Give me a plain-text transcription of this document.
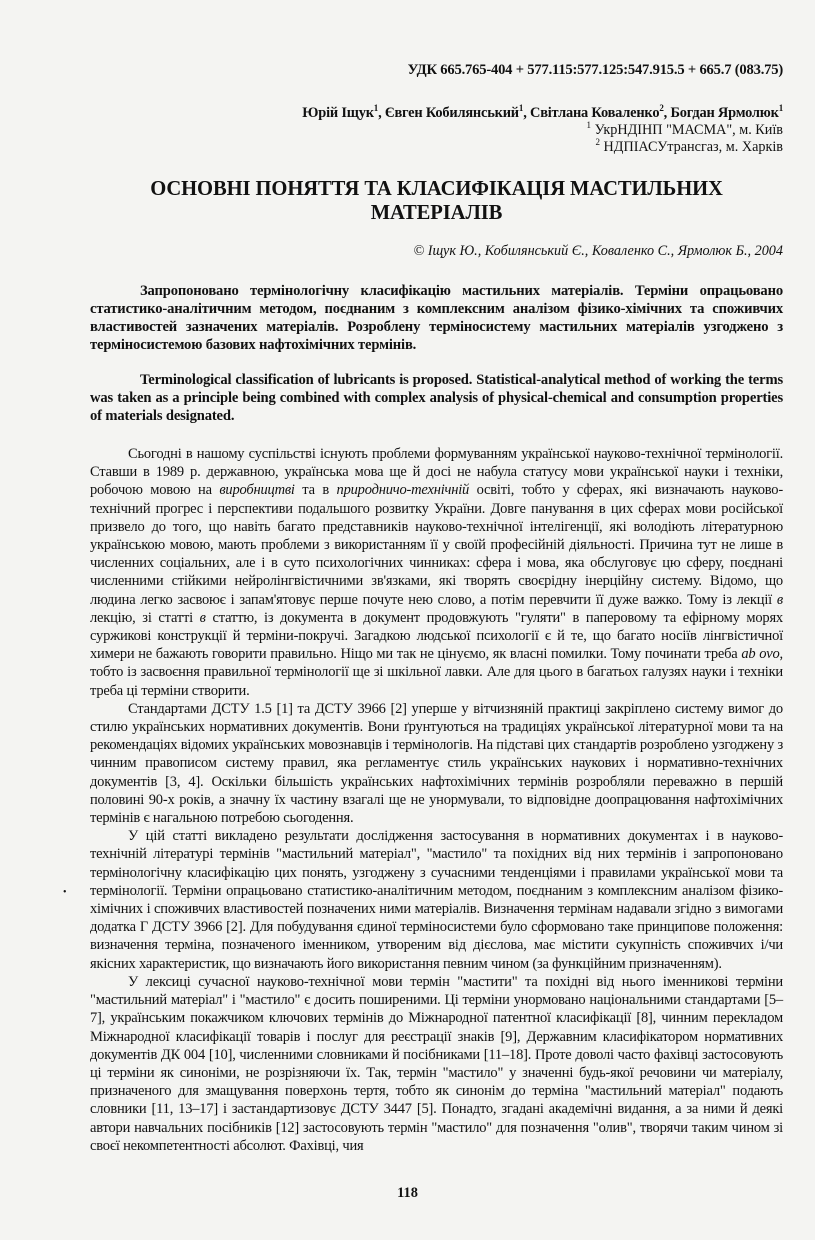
УДК 665.765-404 + 577.115:577.125:547.915.5 + 665.7 (083.75)
Юрій Іщук$^1$, Євген Кобилянський$^1$, Світлана Коваленко$^2$, Богдан Ярмолюк$^1$
$^1$ УкрНДІНП "МАСМА", м. Київ
$^2$ НДПІАСУтрансгаз, м. Харків
ОСНОВНІ ПОНЯТТЯ ТА КЛАСИФІКАЦІЯ МАСТИЛЬНИХ МАТЕРІАЛІВ
© Іщук Ю., Кобилянський Є., Коваленко С., Ярмолюк Б., 2004

Запропоновано термінологічну класифікацію мастильних матеріалів. Терміни опрацьовано статистико-аналітичним методом, поєднаним з комплексним аналізом фізико-хімічних та споживчих властивостей зазначених матеріалів. Розроблену терміносистему мастильних матеріалів узгоджено з терміносистемою базових нафтохімічних термінів.

Terminological classification of lubricants is proposed. Statistical-analytical method of working the terms was taken as a principle being combined with complex analysis of physical-chemical and consumption properties of materials designated.

Сьогодні в нашому суспільстві існують проблеми формуванням української науково-технічної термінології. Ставши в 1989 р. державною, українська мова ще й досі не набула статусу мови української науки і техніки, робочою мовою на виробництві та в природничо-технічній освіті, тобто у сферах, які визначають науково-технічний прогрес і перспективи подальшого розвитку України. Довге панування в цих сферах мови російської призвело до того, що навіть багато представників науково-технічної інтелігенції, які володіють літературною українською мовою, мають проблеми з використанням її у своїй професійній діяльності. Причина тут не лише в численних соціальних, але і в суто психологічних чинниках: сфера і мова, яка обслуговує цю сферу, поєднані численними стійкими нейролінгвістичними зв'язками, які творять своєрідну інерційну систему. Відомо, що людина легко засвоює і запам'ятовує перше почуте нею слово, а потім перевчити її дуже важко. Тому із лекції в лекцію, зі статті в статтю, із документа в документ продовжують "гуляти" в паперовому та ефірному морях суржикові конструкції й терміни-покручі. Загадкою людської психології є й те, що багато носіїв лінгвістичної химери не бажають говорити правильно. Ніщо ми так не цінуємо, як власні помилки. Тому починати треба ab ovo, тобто із засвоєння правильної термінології ще зі шкільної лавки. Але для цього в багатьох галузях науки і техніки треба ці терміни створити.

Стандартами ДСТУ 1.5 [1] та ДСТУ 3966 [2] уперше у вітчизняній практиці закріплено систему вимог до стилю українських нормативних документів. Вони ґрунтуються на традиціях української літературної мови та на рекомендаціях відомих українських мовознавців і термінологів. На підставі цих стандартів розроблено узгоджену з чинним правописом систему правил, яка регламентує стиль українських наукових і нормативно-технічних документів [3, 4]. Оскільки більшість українських нафтохімічних термінів розробляли переважно в першій половині 90-х років, а значну їх частину взагалі ще не унормували, то відповідне доопрацювання нафтохімічних термінів є нагальною потребою сьогодення.

У цій статті викладено результати дослідження застосування в нормативних документах і в науково-технічній літературі термінів "мастильний матеріал", "мастило" та похідних від них термінів і запропоновано термінологічну класифікацію цих понять, узгоджену з сучасними тенденціями і правилами української мови та термінології. Терміни опрацьовано статистико-аналітичним методом, поєднаним з комплексним аналізом фізико-хімічних і споживчих властивостей позначених ними матеріалів. Визначення термінам надавали згідно з вимогами додатка Г ДСТУ 3966 [2]. Для побудування єдиної терміносистеми було сформовано таке принципове положення: визначення терміна, позначеного іменником, утвореним від дієслова, має містити сукупність споживчих і/чи якісних характеристик, що визначають його використання певним чином (за функційним призначенням).

У лексиці сучасної науково-технічної мови термін "мастити" та похідні від нього іменникові терміни "мастильний матеріал" і "мастило" є досить поширеними. Ці терміни унормовано національними стандартами [5–7], українським покажчиком ключових термінів до Міжнародної патентної класифікації [8], чинним перекладом Міжнародної класифікації товарів і послуг для реєстрації знаків [9], Державним класифікатором нормативних документів ДК 004 [10], численними словниками й посібниками [11–18]. Проте доволі часто фахівці застосовують ці терміни як синоніми, не розрізняючи їх. Так, термін "мастило" у значенні будь-якої речовини чи матеріалу, призначеного для змащування поверхонь тертя, тобто як синонім до терміна "мастильний матеріал" подають словники [11, 13–17] і застандартизовує ДСТУ 3447 [5]. Понадто, згадані академічні видання, а за ними й деякі автори навчальних посібників [12] застосовують термін "мастило" для позначення "олив", творячи таким чином зі своєї некомпетентності абсолют. Фахівці, чия

•
118
